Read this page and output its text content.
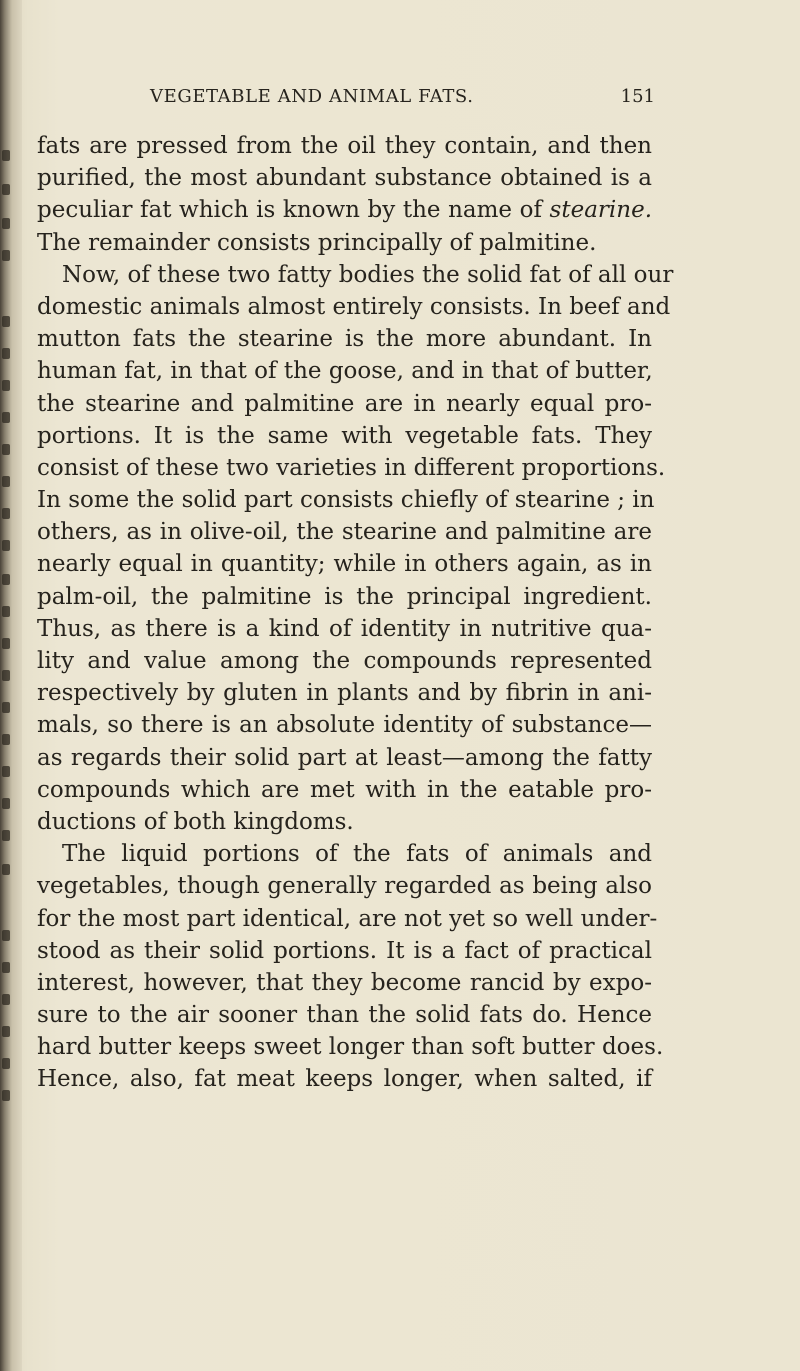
VEGETABLE AND ANIMAL FATS.	151
fats are pressed from the oil they contain, and then
purified, the most abundant substance obtained is a
peculiar fat which is known by the name of stearine.
The remainder consists principally of palmitine.
Now, of these two fatty bodies the solid fat of all our
domestic animals almost entirely consists. In beef and
mutton fats the stearine is the more abundant. In
human fat, in that of the goose, and in that of butter,
the stearine and palmitine are in nearly equal pro-
portions. It is the same with vegetable fats. They
consist of these two varieties in different proportions.
In some the solid part consists chiefly of stearine ; in
others, as in olive-oil, the stearine and palmitine are
nearly equal in quantity; while in others again, as in
palm-oil, the palmitine is the principal ingredient.
Thus, as there is a kind of identity in nutritive qua-
lity and value among the compounds represented
respectively by gluten in plants and by fibrin in ani-
mals, so there is an absolute identity of substance—
as regards their solid part at least—among the fatty
compounds which are met with in the eatable pro-
ductions of both kingdoms.
The liquid portions of the fats of animals and
vegetables, though generally regarded as being also
for the most part identical, are not yet so well under-
stood as their solid portions. It is a fact of practical
interest, however, that they become rancid by expo-
sure to the air sooner than the solid fats do. Hence
hard butter keeps sweet longer than soft butter does.
Hence, also, fat meat keeps longer, when salted, if
